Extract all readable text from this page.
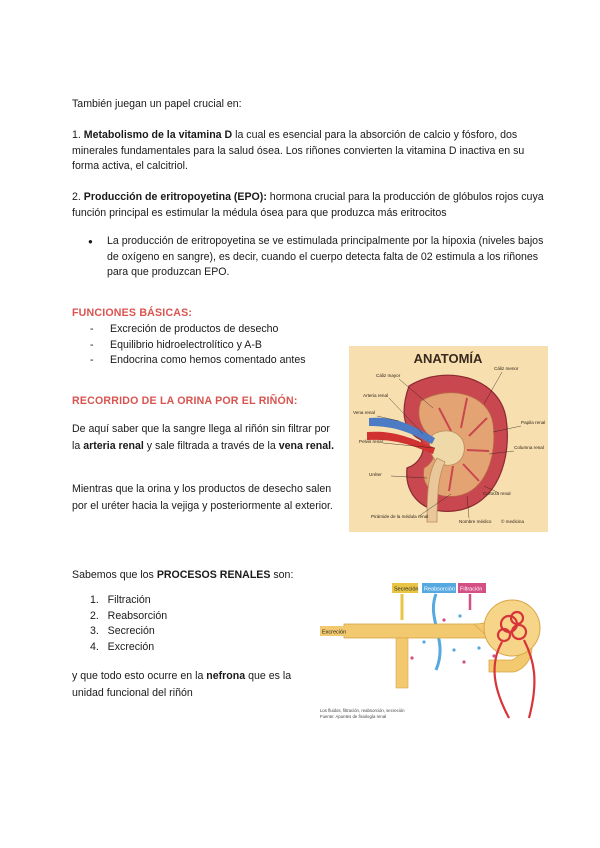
También juegan un papel crucial en:

1. Metabolismo de la vitamina D la cual es esencial para la absorción de calcio y fósforo, dos minerales fundamentales para la salud ósea. Los riñones convierten la vitamina D inactiva en su forma activa, el calcitriol.

2. Producción de eritropoyetina (EPO): hormona crucial para la producción de glóbulos rojos cuya función principal es estimular la médula ósea para que produzca más eritrocitos

● La producción de eritropoyetina se ve estimulada principalmente por la hipoxia (niveles bajos de oxígeno en sangre), es decir, cuando el cuerpo detecta falta de 02 estimula a los riñones para que produzcan EPO.

FUNCIONES BÁSICAS:

- Excreción de productos de desecho
- Equilibrio hidroelectrolítico y A-B
- Endocrina como hemos comentado antes

RECORRIDO DE LA ORINA POR EL RIÑÓN:

De aquí saber que la sangre llega al riñón sin filtrar por la arteria renal y sale filtrada a través de la vena renal.

Mientras que la orina y los productos de desecho salen por el uréter hacia la vejiga y posteriormente al exterior.

Sabemos que los PROCESOS RENALES son:

1.   Filtración
2.   Reabsorción
3.   Secreción
4.   Excreción

y que todo esto ocurre en la nefrona que es la unidad funcional del riñón

ANATOMÍA
Cáliz menor
Cáliz mayor
Arteria renal
Vena renal
Pelvis renal
Papila renal
Columna renal
Uréter
Corteza renal
Pirámide de la médula renal
Nombre médico © medicina
Secreción Reabsorción Filtración
Excreción
Los fluidos, filtración, reabsorción, secreción
Fuente: Apuntes de fisiología renal
